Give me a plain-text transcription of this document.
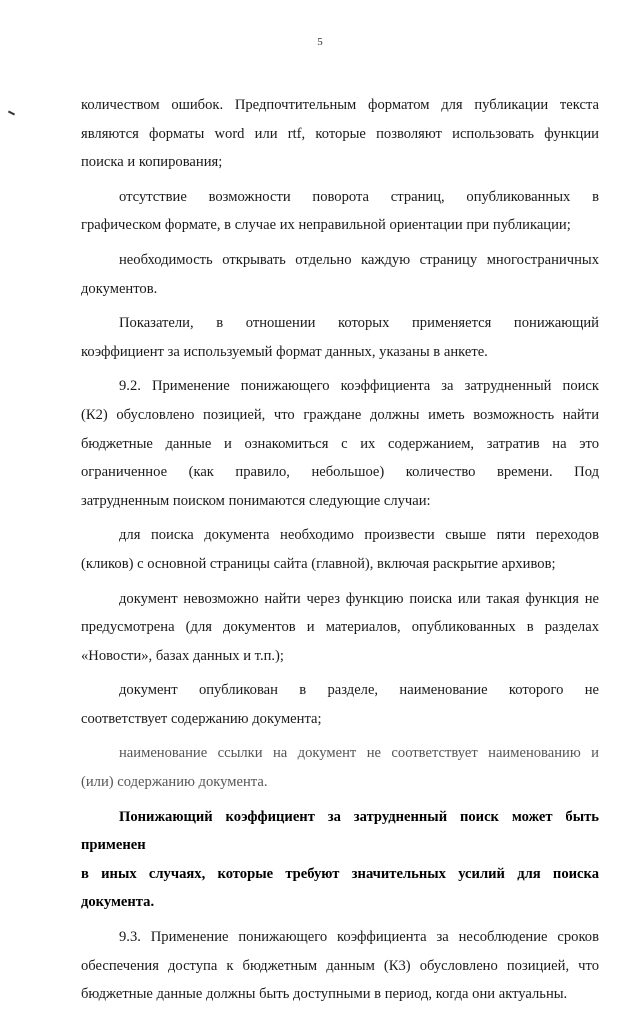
5
количеством ошибок. Предпочтительным форматом для публикации текста
являются форматы word или rtf, которые позволяют использовать функции
поиска и копирования;
отсутствие возможности поворота страниц, опубликованных в
графическом формате, в случае их неправильной ориентации при публикации;
необходимость открывать отдельно каждую страницу многостраничных
документов.
Показатели, в отношении которых применяется понижающий
коэффициент за используемый формат данных, указаны в анкете.
9.2. Применение понижающего коэффициента за затрудненный поиск
(К2) обусловлено позицией, что граждане должны иметь возможность найти
бюджетные данные и ознакомиться с их содержанием, затратив на это
ограниченное (как правило, небольшое) количество времени. Под
затрудненным поиском понимаются следующие случаи:
для поиска документа необходимо произвести свыше пяти переходов
(кликов) с основной страницы сайта (главной), включая раскрытие архивов;
документ невозможно найти через функцию поиска или такая функция не
предусмотрена (для документов и материалов, опубликованных в разделах
«Новости», базах данных и т.п.);
документ опубликован в разделе, наименование которого не
соответствует содержанию документа;
наименование ссылки на документ не соответствует наименованию и
(или) содержанию документа.
Понижающий коэффициент за затрудненный поиск может быть применен
в иных случаях, которые требуют значительных усилий для поиска документа.
9.3. Применение понижающего коэффициента за несоблюдение сроков
обеспечения доступа к бюджетным данным (К3) обусловлено позицией, что
бюджетные данные должны быть доступными в период, когда они актуальны.
